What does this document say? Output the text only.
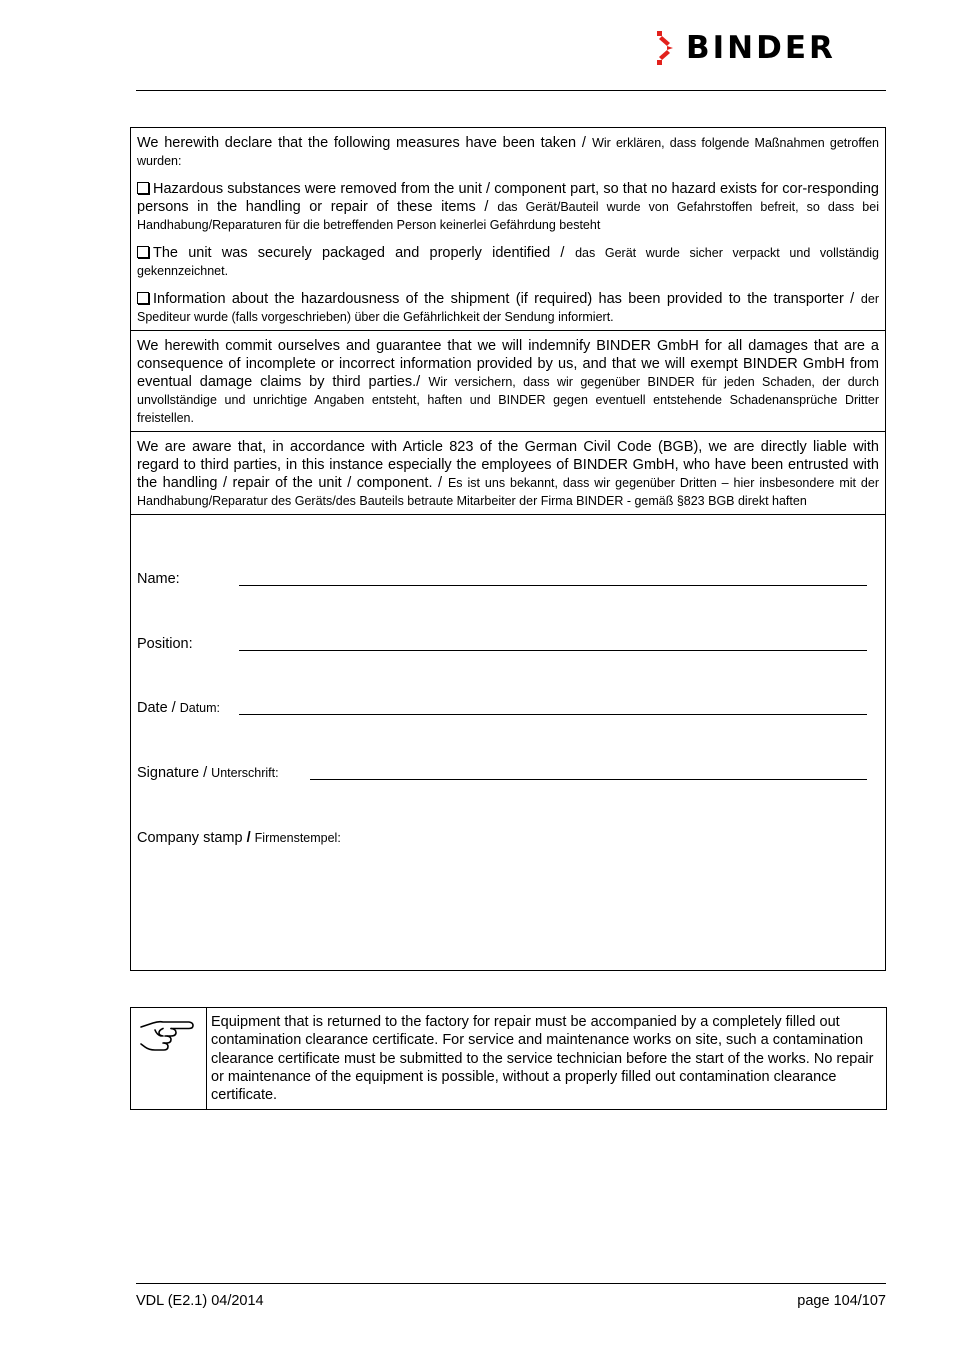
BINDER

We herewith declare that the following measures have been taken / Wir erklären, dass folgende Maßnahmen getroffen wurden:

Hazardous substances were removed from the unit / component part, so that no hazard exists for cor-responding persons in the handling or repair of these items / das Gerät/Bauteil wurde von Gefahrstoffen befreit, so dass bei Handhabung/Reparaturen für die betreffenden Person keinerlei Gefährdung besteht

The unit was securely packaged and properly identified / das Gerät wurde sicher verpackt und vollständig gekennzeichnet.

Information about the hazardousness of the shipment (if required) has been provided to the transporter / der Spediteur wurde (falls vorgeschrieben) über die Gefährlichkeit der Sendung informiert.

We herewith commit ourselves and guarantee that we will indemnify BINDER GmbH for all damages that are a consequence of incomplete or incorrect information provided by us, and that we will exempt BINDER GmbH from eventual damage claims by third parties./ Wir versichern, dass wir gegenüber BINDER für jeden Schaden, der durch unvollständige und unrichtige Angaben entsteht, haften und BINDER gegen eventuell entstehende Schadenansprüche Dritter freistellen.

We are aware that, in accordance with Article 823 of the German Civil Code (BGB), we are directly liable with regard to third parties, in this instance especially the employees of BINDER GmbH, who have been entrusted with the handling / repair of the unit / component. / Es ist uns bekannt, dass wir gegenüber Dritten – hier insbesondere mit der Handhabung/Reparatur des Geräts/des Bauteils betraute Mitarbeiter der Firma BINDER - gemäß §823 BGB direkt haften

Name:
Position:
Date / Datum:
Signature / Unterschrift:
Company stamp / Firmenstempel:
Equipment that is returned to the factory for repair must be accompanied by a completely filled out contamination clearance certificate. For service and maintenance works on site, such a contamination clearance certificate must be submitted to the service technician before the start of the works. No repair or maintenance of the equipment is possible, without a properly filled out contamination clearance certificate.
VDL (E2.1) 04/2014	page 104/107
